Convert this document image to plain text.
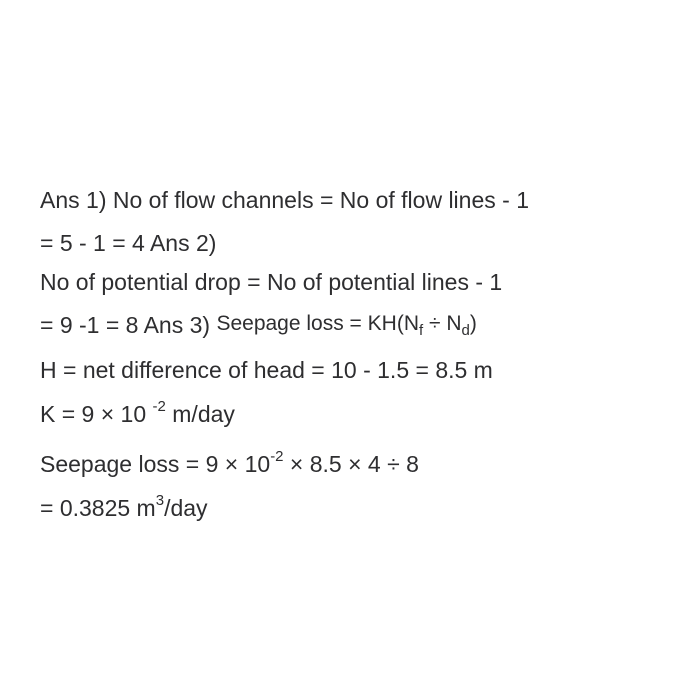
Ans 1) No of flow channels = No of flow lines - 1
= 5 - 1 = 4 Ans 2)
No of potential drop = No of potential lines - 1
= 9 -1 = 8 Ans 3) Seepage loss = $KH(N_f \div N_d)$
H = net difference of head = 10 - 1.5 = 8.5 m
K = 9 × 10 $^{-2}$ m/day
Seepage loss = $9 \times 10^{-2} \times 8.5 \times 4 \div 8$
= 0.3825 $m^3$/day
